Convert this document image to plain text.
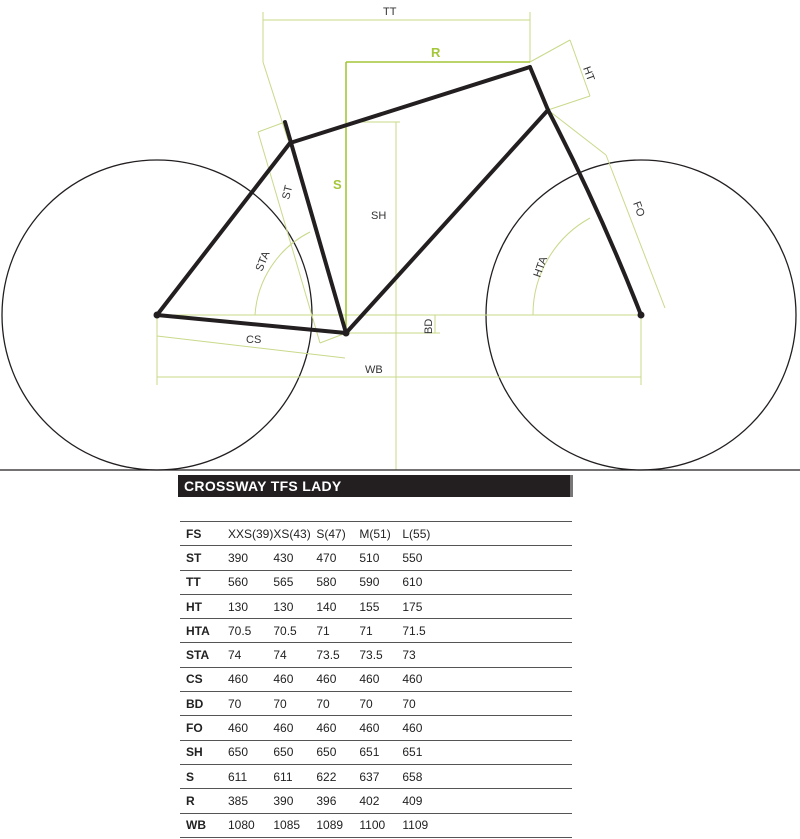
TT
R
S
SH
HT
ST
STA
FO
HTA
BD
CS
WB
CROSSWAY TFS LADY
FS	XXS(39)	XS(43)	S(47)	M(51)	L(55)	
ST	390	430	470	510	550	
TT	560	565	580	590	610	
HT	130	130	140	155	175	
HTA	70.5	70.5	71	71	71.5	
STA	74	74	73.5	73.5	73	
CS	460	460	460	460	460	
BD	70	70	70	70	70	
FO	460	460	460	460	460	
SH	650	650	650	651	651	
S	611	611	622	637	658	
R	385	390	396	402	409	
WB	1080	1085	1089	1100	1109	
